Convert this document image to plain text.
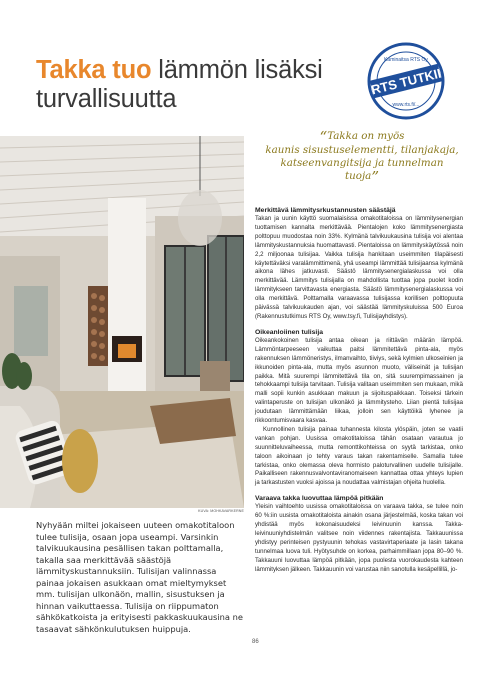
Takka tuo lämmön lisäksi
turvallisuutta
RTS TUTKII
Kaminaitsa RTS Oy
www.rts.fi/...
KUVA: MOHKAVARKERNE
“Takka on myös
kaunis sisustuselementti, tilanjakaja,
katseenvangitsija ja tunnelman tuoja”
Merkittävä lämmitysrkustannusten säästäjä

Takan ja uunin käyttö suomalaisissa omakotitaloissa on lämmitysenergian tuottamisen kannalta merkittävää. Pientalojen koko lämmitysenergiasta polttopuu muodostaa noin 33%. Kylmänä talvikuukausina tulisija voi alentaa lämmityskustannuksia huomattavasti. Pientaloissa on lämmityskäytössä noin 2,2 miljoonaa tulisijaa. Vaikka tulisija hankitaan useimmiten tilapäisesti käytettäväksi varalämmittimenä, yhä useampi lämmittää tulisijaansa kylmänä aikona lähes jatkuvasti. Säästö lämmitysenergialaskussa voi olla merkittävää. Lämmitys tulisijalla on mahdollista tuottaa jopa puolet kodin lämmitykseen tarvittavasta energiasta. Säästö lämmitysenergialaskussa voi olla merkittävä. Polttamalla varaavassa tulisijassa korillisen polttopuuta päivässä talvikuukauden ajan, voi säästää lämmityskuluissa 500 Euroa (Rakennustutkimus RTS Oy, www.tsy.fi, Tulisijayhdistys).

Oikeanloiinen tulisija

Oikeankokoinen tulisija antaa oikean ja riittävän määrän lämpöä. Lämmöntarpeeseen vaikuttaa paitsi lämmitettävä pinta-ala, myös rakennuksen lämmöneristys, ilmanvaihto, tiiviys, sekä kylmien ulkoseinien ja ikkunoiden pinta-ala, mutta myös asunnon muoto, väliseinät ja tulisijan paikka. Mitä suurempi lämmitettävä tila on, sitä suurempimassainen ja tehokkaampi tulisija tarvitaan. Tulisija valitaan useimmiten sen mukaan, mikä malli sopii kunkin asukkaan makuun ja sijoituspaikkaan. Toiseksi tärkein valintaperuste on tulisijan ulkonäkö ja lämmitysteho. Liian pientä tulisijaa joudutaan lämmittämään liikaa, jolloin sen käyttöikä lyhenee ja rikkoontumisvaara kasvaa.

Kunnollinen tulisija painaa tuhannesta kilosta ylöspäin, joten se vaatii vankan pohjan. Uusissa omakotitaloissa tähän osataan varautua jo suunnitteluvaiheessa, mutta remonttikohteissa on syytä tarkistaa, onko taloon aikoinaan jo tehty varaus takan rakentamiselle. Samalla tulee tarkistaa, onko olemassa oleva hormisto paloturvallinen uudelle tulisijalle. Paikalliseen rakennusvalvontaviranomaiseen kannattaa ottaa yhteys lupien ja tarkastusten vuoksi ajoissa ja noudattaa valmistajan ohjeita huolella.

Varaava takka luovuttaa lämpöä pitkään

Yleisin vaihtoehto uusissa omakotitaloissa on varaava takka, se tulee noin 60 %:iin uusista omakotitaloista ainakin osana järjestelmää, koska takan voi yhdistää myös kokonaisuudeksi leivinuunin kanssa. Takka-leivinuuniyhdistelmän valitsee noin viidennes rakentajista. Takkauunissa yhdistyy perinteisen pystyuunin tehokas vastavirtaperiaate ja lasin takana tunnelmaa luova tuli. Hyötysuhde on korkea, parhaimmillaan jopa 80–90 %. Takkauuni luovuttaa lämpöä pitkään, jopa puolesta vuorokaudesta kahteen lämmityksen jälkeen. Takkauunin voi varustaa niin sanotulla kesäpellillä, jo-

Nyhyään miltei jokaiseen uuteen omakotitaloon tulee tulisija, osaan jopa useampi. Varsinkin talvikuukausina pesällisen takan polttamalla, takalla saa merkittävää säästöjä lämmityskustannuksiin. Tulisijan valinnassa painaa jokaisen asukkaan omat mieltymykset mm. tulisijan ulkonäön, mallin, sisustuksen ja hinnan vaikuttaessa. Tulisija on riippumaton sähkökatkoista ja erityisesti pakkaskuukausina ne tasaavat sähkönkulutuksen huippuja.
86
